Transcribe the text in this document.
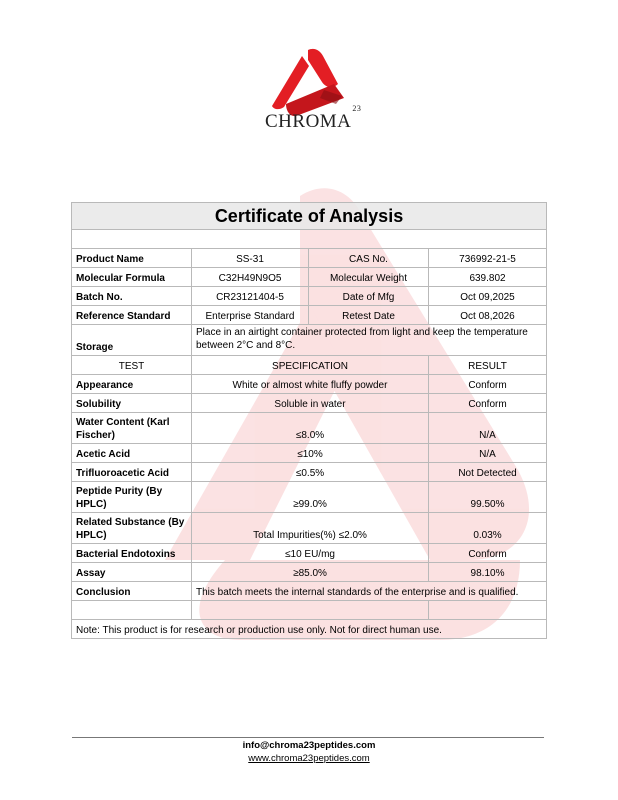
CHROMA$^{23}$
Certificate of Analysis			

Product Name	SS-31	CAS No.	736992-21-5
Molecular Formula	C32H49N9O5	Molecular Weight	639.802
Batch No.	CR23121404-5	Date of Mfg	Oct 09,2025
Reference Standard	Enterprise Standard	Retest Date	Oct 08,2026
Storage	Place in an airtight container protected from light and keep the temperature between 2°C and 8°C.		
TEST	SPECIFICATION		RESULT
Appearance	White or almost white fluffy powder		Conform
Solubility	Soluble in water		Conform
Water Content (Karl Fischer)	≤8.0%		N/A
Acetic Acid	≤10%		N/A
Trifluoroacetic Acid	≤0.5%		Not Detected
Peptide Purity (By HPLC)	≥99.0%		99.50%
Related Substance (By HPLC)	Total Impurities(%) ≤2.0%		0.03%
Bacterial Endotoxins	≤10 EU/mg		Conform
Assay	≥85.0%		98.10%
Conclusion	This batch meets the internal standards of the enterprise and is qualified.		

Note: This product is for research or production use only. Not for direct human use.			
info@chroma23peptides.com
www.chroma23peptides.com
